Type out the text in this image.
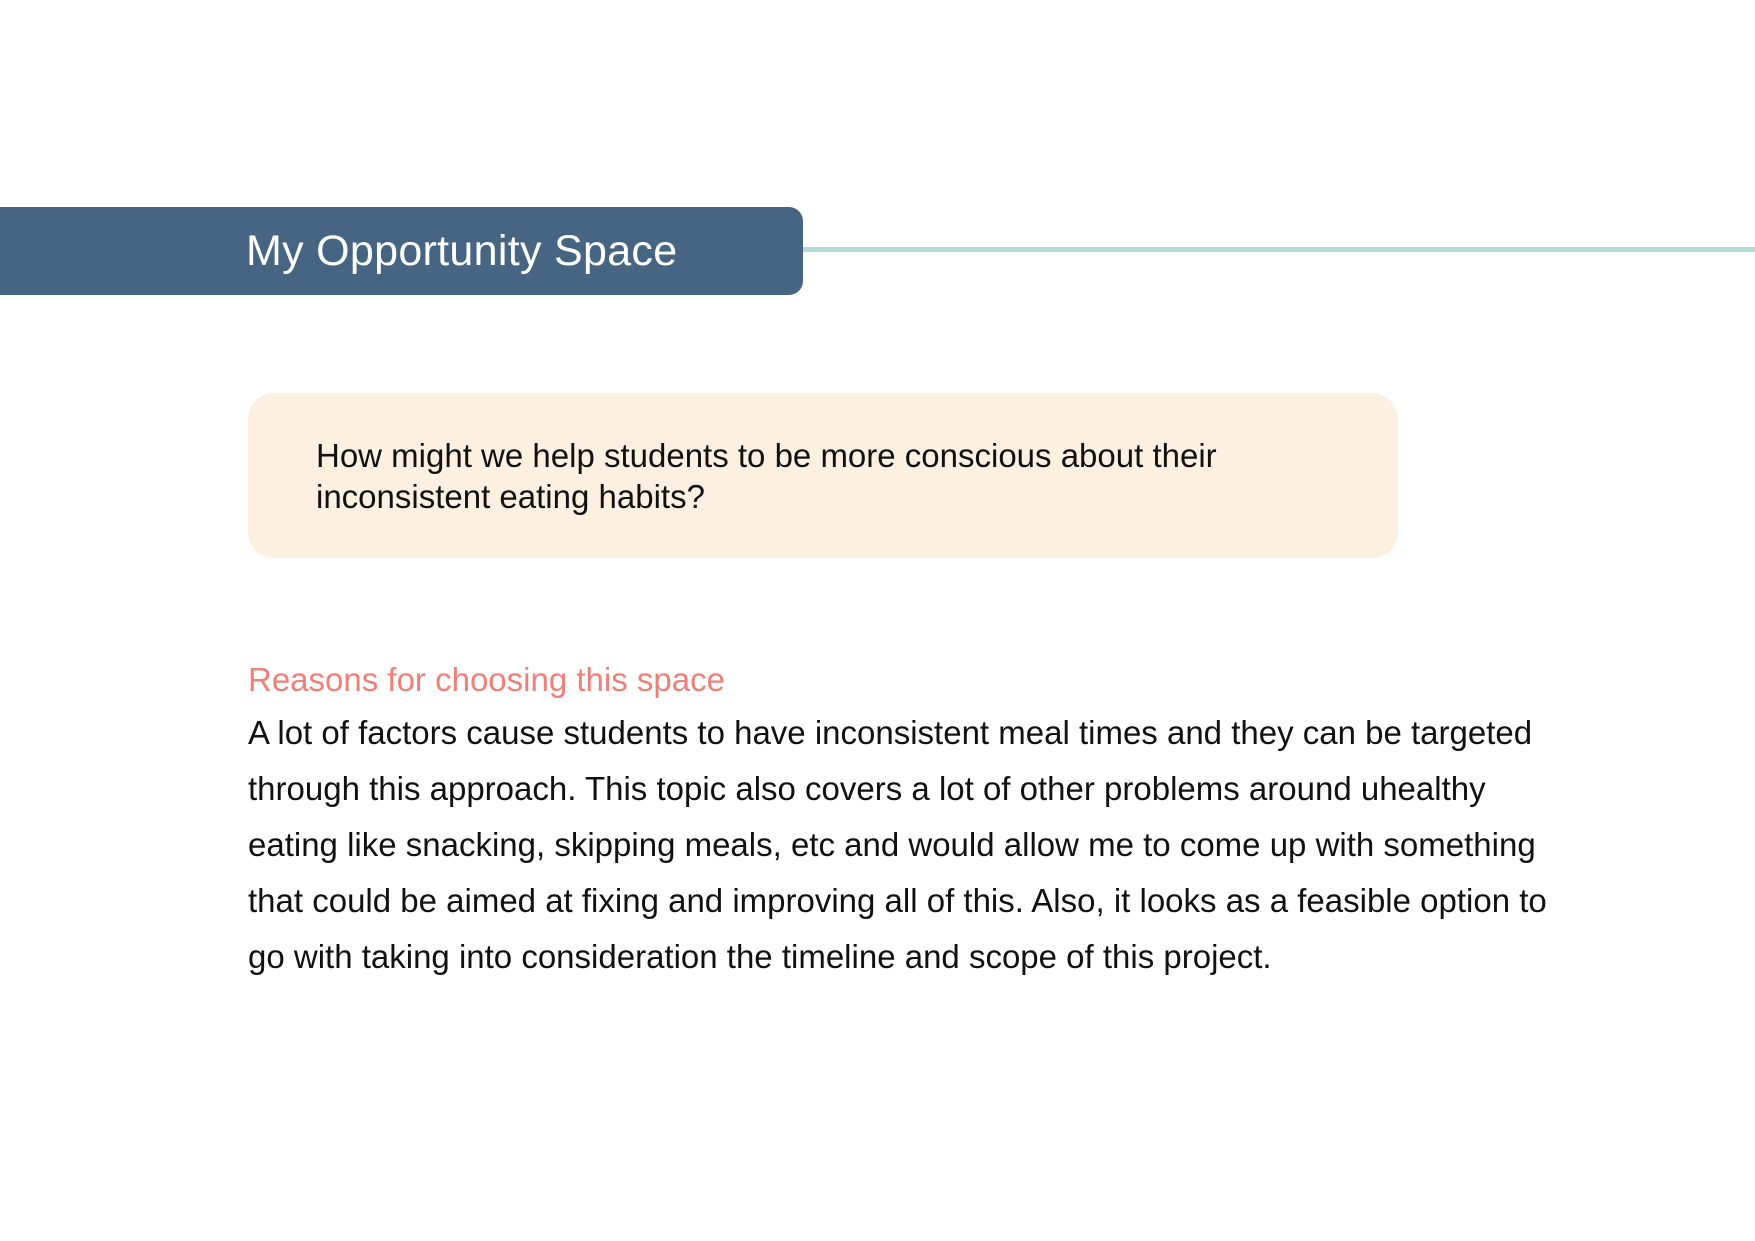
My Opportunity Space
How might we help students to be more conscious about their inconsistent eating habits?
Reasons for choosing this space

A lot of factors cause students to have inconsistent meal times and they can be targeted through this approach. This topic also covers a lot of other problems around uhealthy eating like snacking, skipping meals, etc and would allow me to come up with something that could be aimed at fixing and improving all of this. Also, it looks as a feasible option to go with taking into consideration the timeline and scope of this project.
